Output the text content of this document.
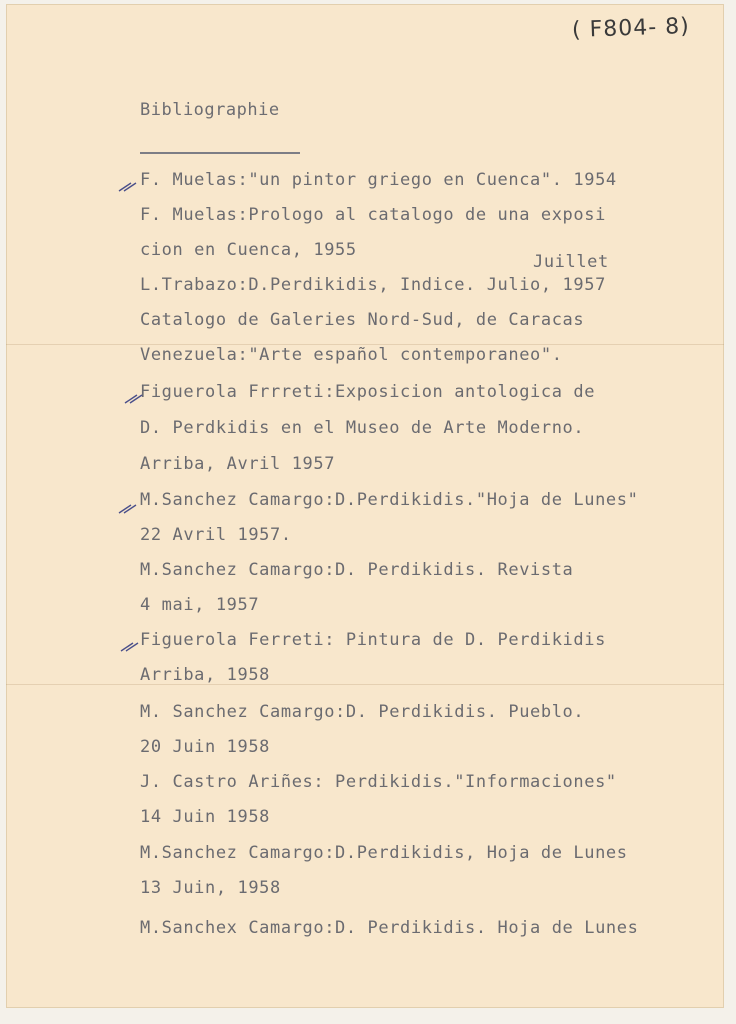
( F804- 8)
Bibliographie
Juillet
F. Muelas:"un pintor griego en Cuenca". 1954
F. Muelas:Prologo al catalogo de una exposi
cion en Cuenca, 1955
L.Trabazo:D.Perdikidis, Indice. Julio, 1957
Catalogo de Galeries Nord-Sud, de Caracas
Venezuela:"Arte español contemporaneo".
Figuerola Frrreti:Exposicion antologica de
D. Perdkidis en el Museo de Arte Moderno.
Arriba, Avril 1957
M.Sanchez Camargo:D.Perdikidis."Hoja de Lunes"
22 Avril 1957.
M.Sanchez Camargo:D. Perdikidis. Revista
4 mai, 1957
Figuerola Ferreti: Pintura de D. Perdikidis
Arriba, 1958
M. Sanchez Camargo:D. Perdikidis. Pueblo.
20 Juin 1958
J. Castro Ariñes: Perdikidis."Informaciones"
14 Juin 1958
M.Sanchez Camargo:D.Perdikidis, Hoja de Lunes
13 Juin, 1958
M.Sanchex Camargo:D. Perdikidis. Hoja de Lunes
